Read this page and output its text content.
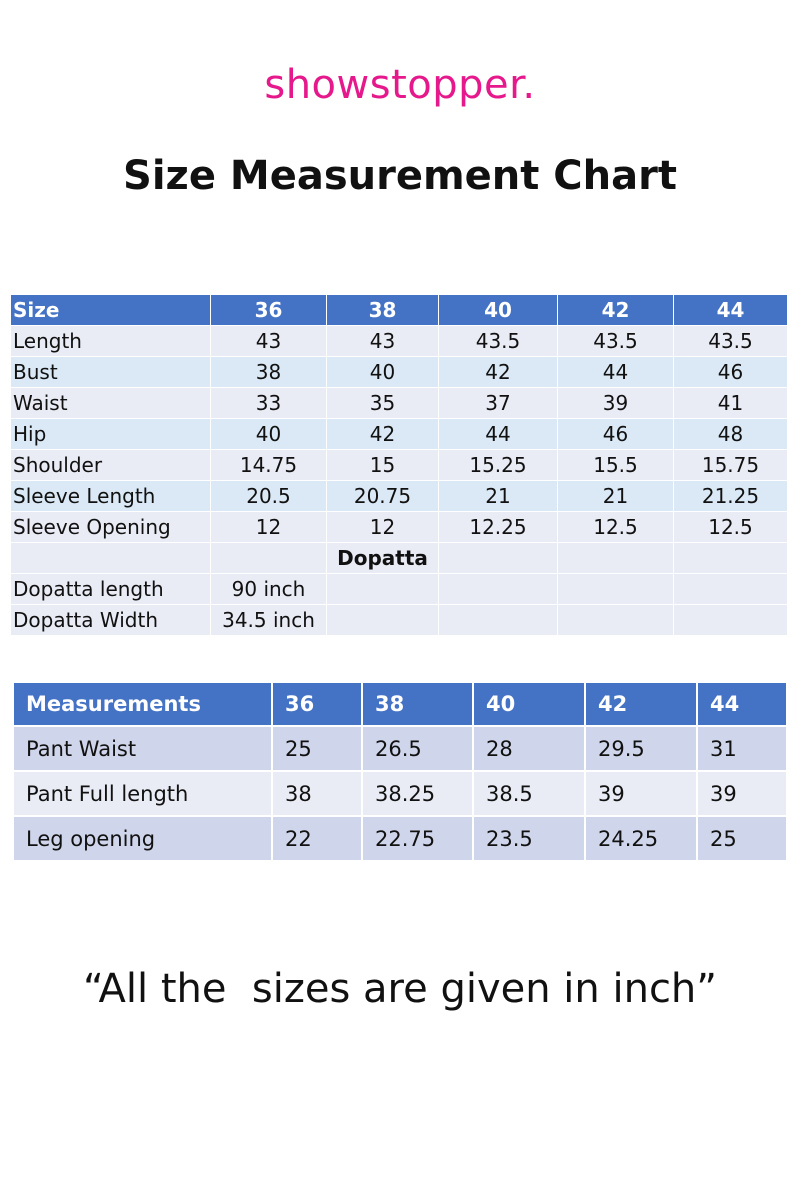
showstopper.
Size Measurement Chart
Size	36	38	40	42	44
Length	43	43	43.5	43.5	43.5
Bust	38	40	42	44	46
Waist	33	35	37	39	41
Hip	40	42	44	46	48
Shoulder	14.75	15	15.25	15.5	15.75
Sleeve Length	20.5	20.75	21	21	21.25
Sleeve Opening	12	12	12.25	12.5	12.5
		Dopatta			
Dopatta length	90 inch				
Dopatta Width	34.5 inch				
Measurements	36	38	40	42	44
Pant Waist	25	26.5	28	29.5	31
Pant Full length	38	38.25	38.5	39	39
Leg opening	22	22.75	23.5	24.25	25
“All the  sizes are given in inch”
